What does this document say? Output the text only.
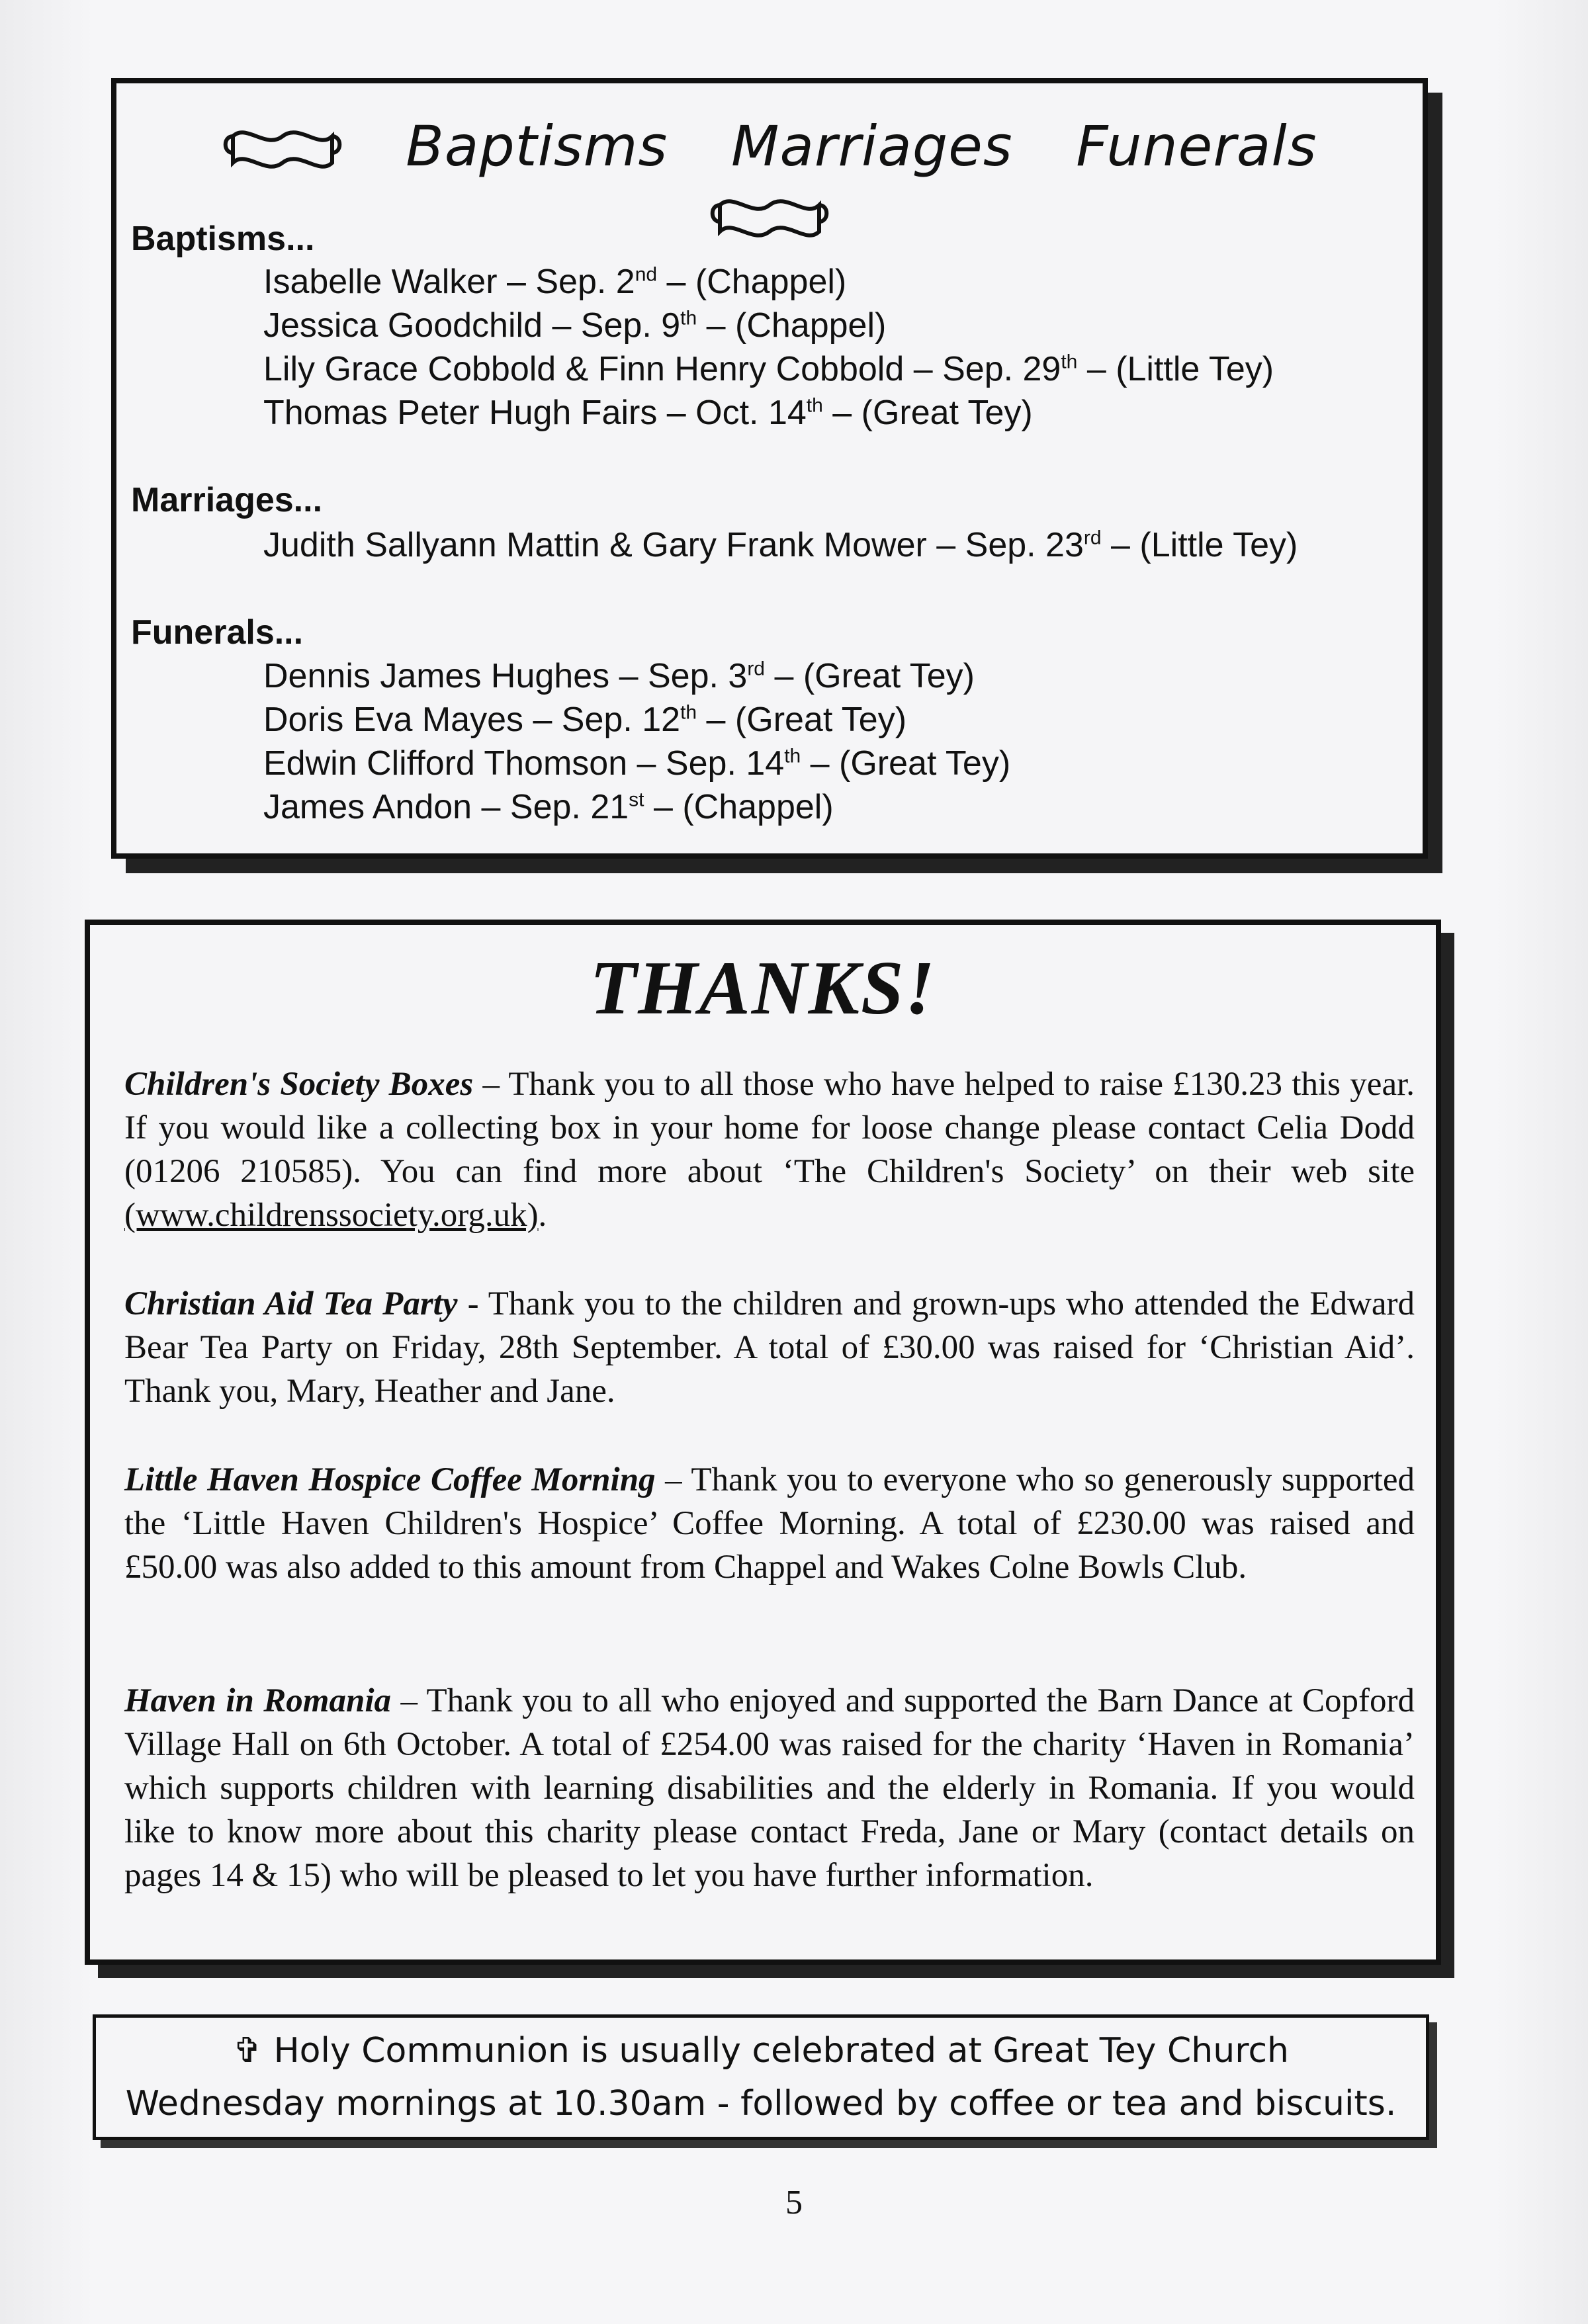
Baptisms Marriages Funerals
Baptisms...
Isabelle Walker – Sep. 2nd – (Chappel)
Jessica Goodchild – Sep. 9th – (Chappel)
Lily Grace Cobbold & Finn Henry Cobbold – Sep. 29th – (Little Tey)
Thomas Peter Hugh Fairs – Oct. 14th – (Great Tey)
Marriages...
Judith Sallyann Mattin & Gary Frank Mower – Sep. 23rd – (Little Tey)
Funerals...
Dennis James Hughes – Sep. 3rd – (Great Tey)
Doris Eva Mayes – Sep. 12th – (Great Tey)
Edwin Clifford Thomson – Sep. 14th – (Great Tey)
James Andon – Sep. 21st – (Chappel)
THANKS!
Children's Society Boxes – Thank you to all those who have helped to raise £130.23 this year. If you would like a collecting box in your home for loose change please contact Celia Dodd (01206 210585). You can find more about ‘The Children's Society’ on their web site (www.childrenssociety.org.uk).
Christian Aid Tea Party - Thank you to the children and grown-ups who attended the Edward Bear Tea Party on Friday, 28th September. A total of £30.00 was raised for ‘Christian Aid’. Thank you, Mary, Heather and Jane.
Little Haven Hospice Coffee Morning – Thank you to everyone who so generously supported the ‘Little Haven Children's Hospice’ Coffee Morning. A total of £230.00 was raised and £50.00 was also added to this amount from Chappel and Wakes Colne Bowls Club.
Haven in Romania – Thank you to all who enjoyed and supported the Barn Dance at Copford Village Hall on 6th October. A total of £254.00 was raised for the charity ‘Haven in Romania’ which supports children with learning disabilities and the elderly in Romania. If you would like to know more about this charity please contact Freda, Jane or Mary (contact details on pages 14 & 15) who will be pleased to let you have further information.
✞ Holy Communion is usually celebrated at Great Tey Church
Wednesday mornings at 10.30am - followed by coffee or tea and biscuits.
5
